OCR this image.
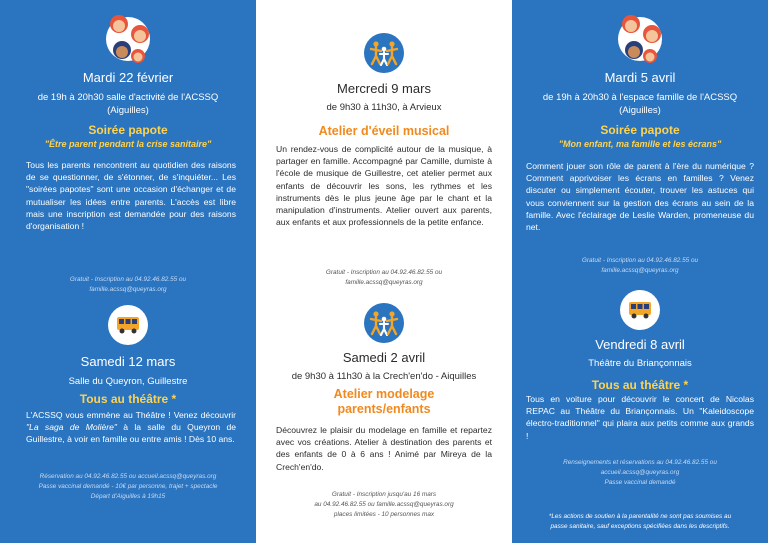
Mardi 22 février
de 19h à 20h30 salle d'activité de l'ACSSQ
(Aiguilles)
Soirée papote
"Être parent pendant la crise sanitaire"

Tous les parents rencontrent au quotidien des raisons de se questionner, de s'étonner, de s'inquiéter... Les "soirées papotes" sont une occasion d'échanger et de mutualiser les idées entre parents. L'accès est libre mais une inscription est demandée pour des raisons d'organisation !

Gratuit - Inscription au 04.92.46.82.55 ou
famille.acssq@queyras.org
Samedi 12 mars
Salle du Queyron, Guillestre
Tous au théâtre *

L'ACSSQ vous emmène au Théâtre ! Venez découvrir "La saga de Molière" à la salle du Queyron de Guillestre, à voir en famille ou entre amis ! Dès 10 ans.

Réservation au 04.92.46.82.55 ou accueil.acssq@queyras.org
Passe vaccinal demandé - 10€ par personne, trajet + spectacle
Départ d'Aiguilles à 19h15
Mercredi 9 mars
de 9h30 à 11h30, à Arvieux
Atelier d'éveil musical

Un rendez-vous de complicité autour de la musique, à partager en famille. Accompagné par Camille, dumiste à l'école de musique de Guillestre, cet atelier permet aux enfants de découvrir les sons, les rythmes et les instruments dès le plus jeune âge par le chant et la manipulation d'instruments. Atelier ouvert aux parents, aux enfants et aux professionnels de la petite enfance.

Gratuit - Inscription au 04.92.46.82.55 ou
famille.acssq@queyras.org
Samedi 2 avril
de 9h30 à 11h30 à la Crech'en'do - Aiquilles
Atelier modelage
parents/enfants

Découvrez le plaisir du modelage en famille et repartez avec vos créations. Atelier à destination des parents et des enfants de 0 à 6 ans ! Animé par Mireya de la Crech'en'do.

Gratuit - Inscription jusqu'au 16 mars
au 04.92.46.82.55 ou famille.acssq@queyras.org
places limitées - 10 personnes max
Mardi 5 avril
de 19h à 20h30 à l'espace famille de l'ACSSQ
(Aiguilles)
Soirée papote
"Mon enfant, ma famille et les écrans"

Comment jouer son rôle de parent à l'ère du numérique ? Comment apprivoiser les écrans en familles ? Venez discuter ou simplement écouter, trouver les astuces qui vous conviennent sur la gestion des écrans au sein de la famille. Avec l'éclairage de Leslie Warden, promeneuse du net.

Gratuit - Inscription au 04.92.46.82.55 ou
famille.acssq@queyras.org
Vendredi 8 avril
Théâtre du Briançonnais
Tous au théâtre *

Tous en voiture pour découvrir le concert de Nicolas REPAC au Théâtre du Briançonnais. Un "Kaleidoscope électro-traditionnel" qui plaira aux petits comme aux grands !

Renseignements et réservations au 04.92.46.82.55 ou
accueil.acssq@queyras.org
Passe vaccinal demandé
*Les actions de soutien à la parentalité ne sont pas soumises au
passe sanitaire, sauf exceptions spécifiées dans les descriptifs.
